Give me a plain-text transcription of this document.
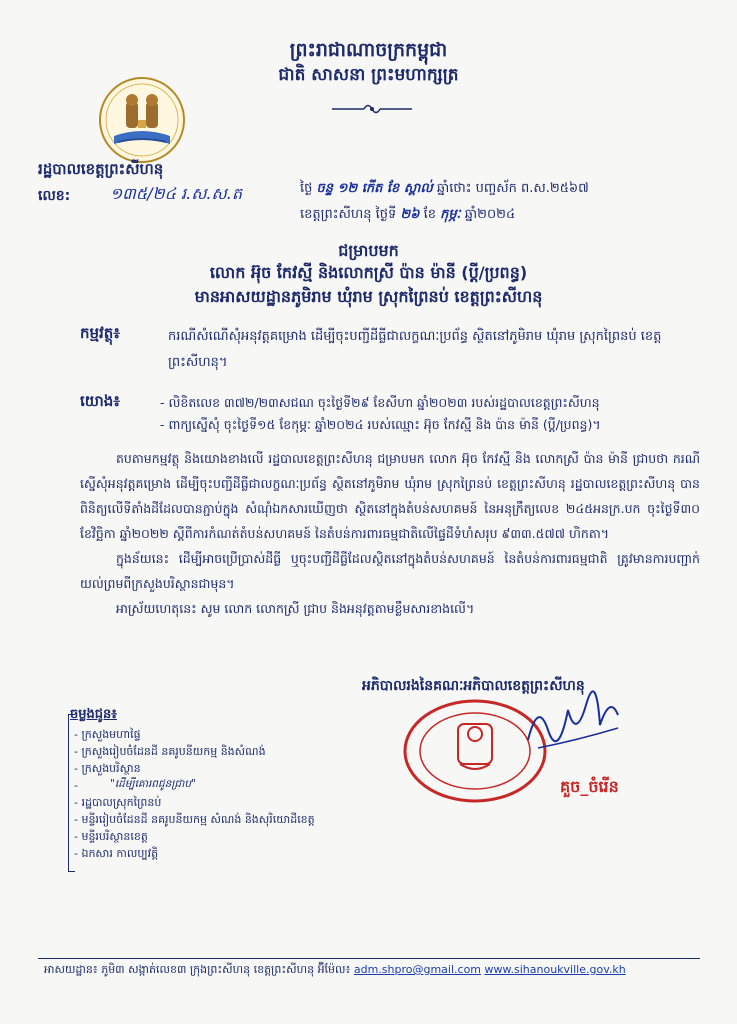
ព្រះរាជាណាចក្រកម្ពុជា
ជាតិ សាសនា ព្រះមហាក្សត្រ
រដ្ឋបាលខេត្តព្រះសីហនុ
លេខ: ១៣៥/២៤ រ.ស.ស.ត	ថ្ងៃ ចន្ទ ១២ កើត ខែ ស្ពាល់ ឆ្នាំថោះ បញ្ចស័ក ព.ស.២៥៦៧
ខេត្តព្រះសីហនុ ថ្ងៃទី ២៦ ខែ កុម្ភៈ ឆ្នាំ២០២៤
ជម្រាបមក
លោក អ៊ុច កែវស្មី និងលោកស្រី ប៉ាន ម៉ានី (ប្តី/ប្រពន្ធ)
មានអាសយដ្ឋានភូមិរាម ឃុំរាម ស្រុកព្រៃនប់ ខេត្តព្រះសីហនុ
កម្មវត្ថុ៖	ករណីសំណើសុំអនុវត្តគម្រោង ដើម្បីចុះបញ្ជីដីធ្លីជាលក្ខណៈប្រព័ន្ធ ស្ថិតនៅភូមិរាម ឃុំរាម ស្រុកព្រៃនប់ ខេត្តព្រះសីហនុ។
យោង៖	- លិខិតលេខ ៣៧២/២៣សជណ ចុះថ្ងៃទី២៩ ខែសីហា ឆ្នាំ២០២៣ របស់រដ្ឋបាលខេត្តព្រះសីហនុ
- ពាក្យស្នើសុំ ចុះថ្ងៃទី១៥ ខែកុម្ភៈ ឆ្នាំ២០២៤ របស់ឈ្មោះ អ៊ុច កែវស្មី និង ប៉ាន ម៉ានី (ប្តី/ប្រពន្ធ)។
តបតាមកម្មវត្ថុ និងយោងខាងលើ រដ្ឋបាលខេត្តព្រះសីហនុ ជម្រាបមក លោក អ៊ុច កែវស្មី និង លោកស្រី ប៉ាន ម៉ានី ជ្រាបថា ករណីស្នើសុំអនុវត្តគម្រោង ដើម្បីចុះបញ្ជីដីធ្លីជាលក្ខណៈប្រព័ន្ធ ស្ថិតនៅភូមិរាម ឃុំរាម ស្រុកព្រៃនប់ ខេត្តព្រះសីហនុ រដ្ឋបាលខេត្តព្រះសីហនុ បានពិនិត្យលើទីតាំងដីដែលបានភ្ជាប់ក្នុង សំណុំឯកសារឃើញថា ស្ថិតនៅក្នុងតំបន់សហគមន៍ នៃអនុក្រឹត្យលេខ ២៤៥អនក្រ.បក ចុះថ្ងៃទី៣០ ខែវិច្ឆិកា ឆ្នាំ២០២២ ស្តីពីការកំណត់តំបន់សហគមន៍ នៃតំបន់ការពារធម្មជាតិលើផ្ទៃដីទំហំសរុប ៩៣៣.៥៧៧ ហិកតា។
ក្នុងន័យនេះ ដើម្បីអាចប្រើប្រាស់ដីធ្លី ឬចុះបញ្ជីដីធ្លីដែលស្ថិតនៅក្នុងតំបន់សហគមន៍ នៃតំបន់ការពារធម្មជាតិ ត្រូវមានការបញ្ជាក់យល់ព្រមពីក្រសួងបរិស្ថានជាមុន។
អាស្រ័យហេតុនេះ សូម លោក លោកស្រី ជ្រាប និងអនុវត្តតាមខ្លឹមសារខាងលើ។
អភិបាលរងនៃគណៈអភិបាលខេត្តព្រះសីហនុ
គួច_ចំរើន
ចម្លងជូន៖
- ក្រសួងមហាផ្ទៃ
- ក្រសួងរៀបចំដែនដី នគរូបនីយកម្ម និងសំណង់
- ក្រសួងបរិស្ថាន
-
- រដ្ឋបាលស្រុកព្រៃនប់
- មន្ទីររៀបចំដែនដី នគរូបនីយកម្ម សំណង់ និងសុរិយោដីខេត្ត
- មន្ទីរបរិស្ថានខេត្ត
- ឯកសារ កាលប្បវត្តិ
"ដើម្បីគោរពជូនជ្រាប"
អាសយដ្ឋាន៖ ភូមិ៣ សង្កាត់លេខ៣ ក្រុងព្រះសីហនុ ខេត្តព្រះសីហនុ អ៊ីម៉ែល៖ adm.shpro@gmail.com www.sihanoukville.gov.kh
